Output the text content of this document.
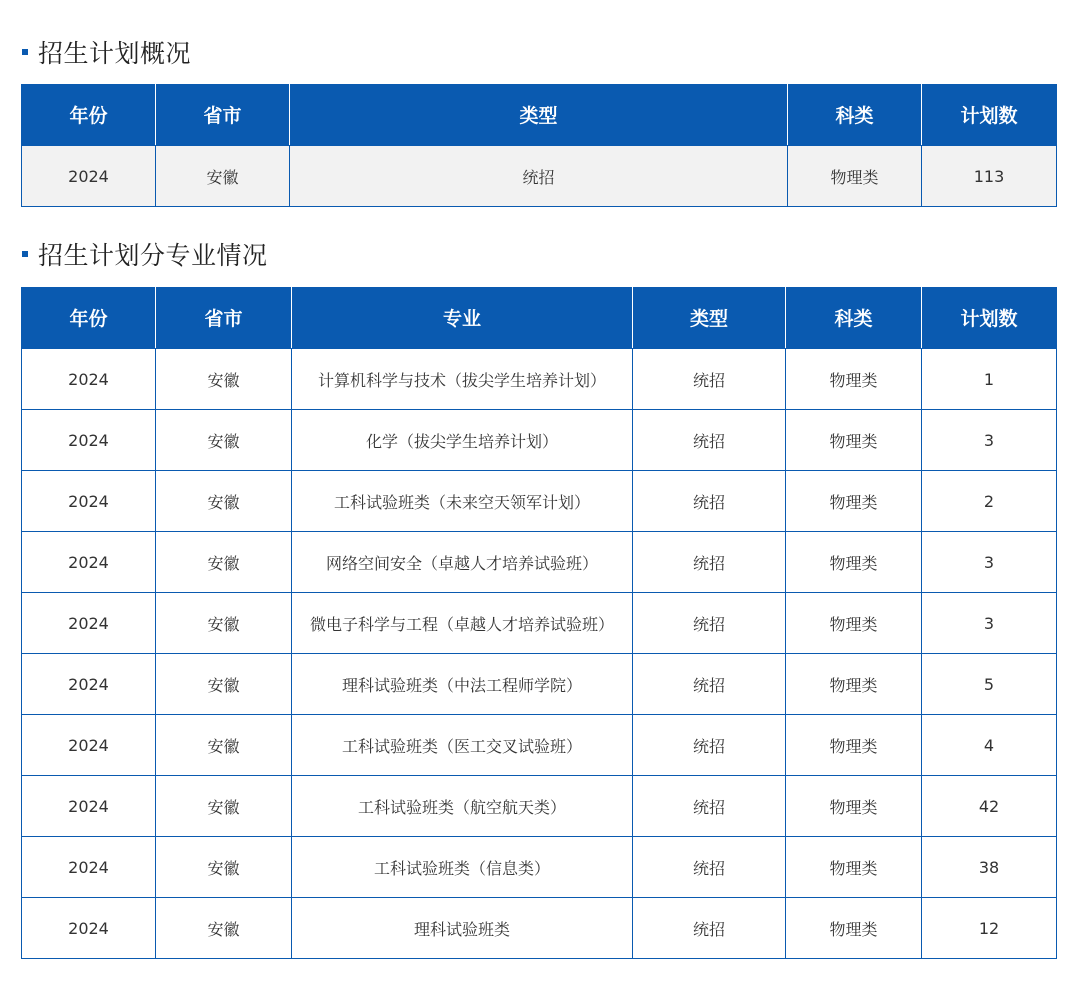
招生计划概况
年份	省市	类型	科类	计划数
2024	安徽	统招	物理类	113
招生计划分专业情况
年份	省市	专业	类型	科类	计划数
2024	安徽	计算机科学与技术（拔尖学生培养计划）	统招	物理类	1
2024	安徽	化学（拔尖学生培养计划）	统招	物理类	3
2024	安徽	工科试验班类（未来空天领军计划）	统招	物理类	2
2024	安徽	网络空间安全（卓越人才培养试验班）	统招	物理类	3
2024	安徽	微电子科学与工程（卓越人才培养试验班）	统招	物理类	3
2024	安徽	理科试验班类（中法工程师学院）	统招	物理类	5
2024	安徽	工科试验班类（医工交叉试验班）	统招	物理类	4
2024	安徽	工科试验班类（航空航天类）	统招	物理类	42
2024	安徽	工科试验班类（信息类）	统招	物理类	38
2024	安徽	理科试验班类	统招	物理类	12
